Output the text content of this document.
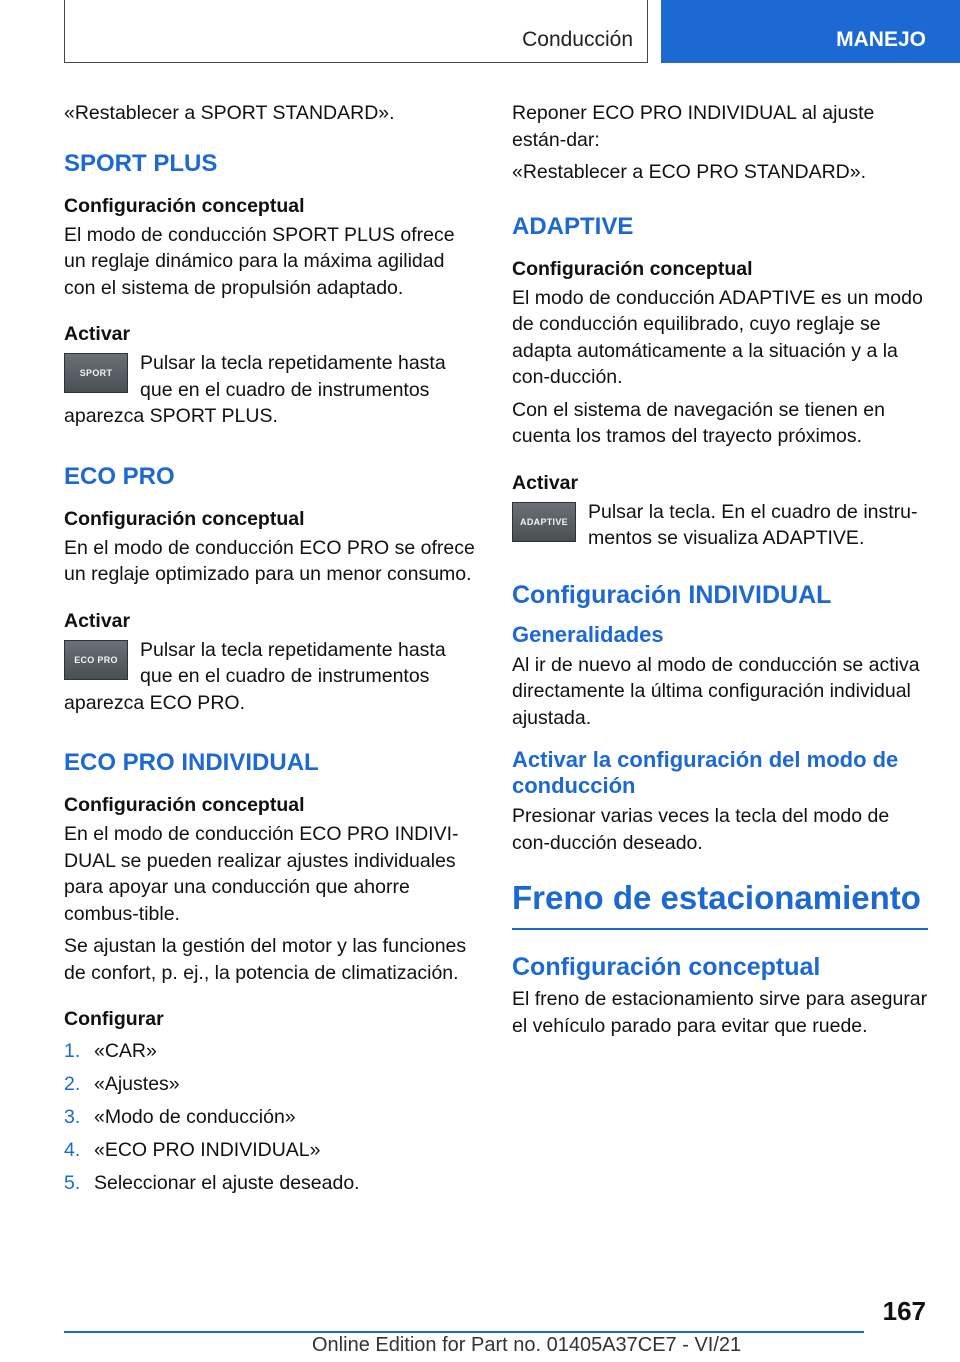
Conducción	MANEJO

«Restablecer a SPORT STANDARD».

SPORT PLUS
Configuración conceptual

El modo de conducción SPORT PLUS ofrece un reglaje dinámico para la máxima agilidad con el sistema de propulsión adaptado.

Activar
SPORT	Pulsar la tecla repetidamente hasta que en el cuadro de instrumentos aparezca SPORT PLUS.

ECO PRO
Configuración conceptual

En el modo de conducción ECO PRO se ofrece un reglaje optimizado para un menor consumo.

Activar
ECO PRO	Pulsar la tecla repetidamente hasta que en el cuadro de instrumentos aparezca ECO PRO.

ECO PRO INDIVIDUAL
Configuración conceptual

En el modo de conducción ECO PRO INDIVI‐DUAL se pueden realizar ajustes individuales para apoyar una conducción que ahorre combus‐tible.

Se ajustan la gestión del motor y las funciones de confort, p. ej., la potencia de climatización.

Configurar
1. «CAR»
2. «Ajustes»
3. «Modo de conducción»
4. «ECO PRO INDIVIDUAL»
5. Seleccionar el ajuste deseado.

Reponer ECO PRO INDIVIDUAL al ajuste están‐dar:

«Restablecer a ECO PRO STANDARD».

ADAPTIVE
Configuración conceptual

El modo de conducción ADAPTIVE es un modo de conducción equilibrado, cuyo reglaje se adapta automáticamente a la situación y a la con‐ducción.

Con el sistema de navegación se tienen en cuenta los tramos del trayecto próximos.

Activar
ADAPTIVE	Pulsar la tecla. En el cuadro de instru‐mentos se visualiza ADAPTIVE.

Configuración INDIVIDUAL
Generalidades

Al ir de nuevo al modo de conducción se activa directamente la última configuración individual ajustada.

Activar la configuración del modo de conducción

Presionar varias veces la tecla del modo de con‐ducción deseado.

Freno de estacionamiento
Configuración conceptual

El freno de estacionamiento sirve para asegurar el vehículo parado para evitar que ruede.

167
Online Edition for Part no. 01405A37CE7 - VI/21
